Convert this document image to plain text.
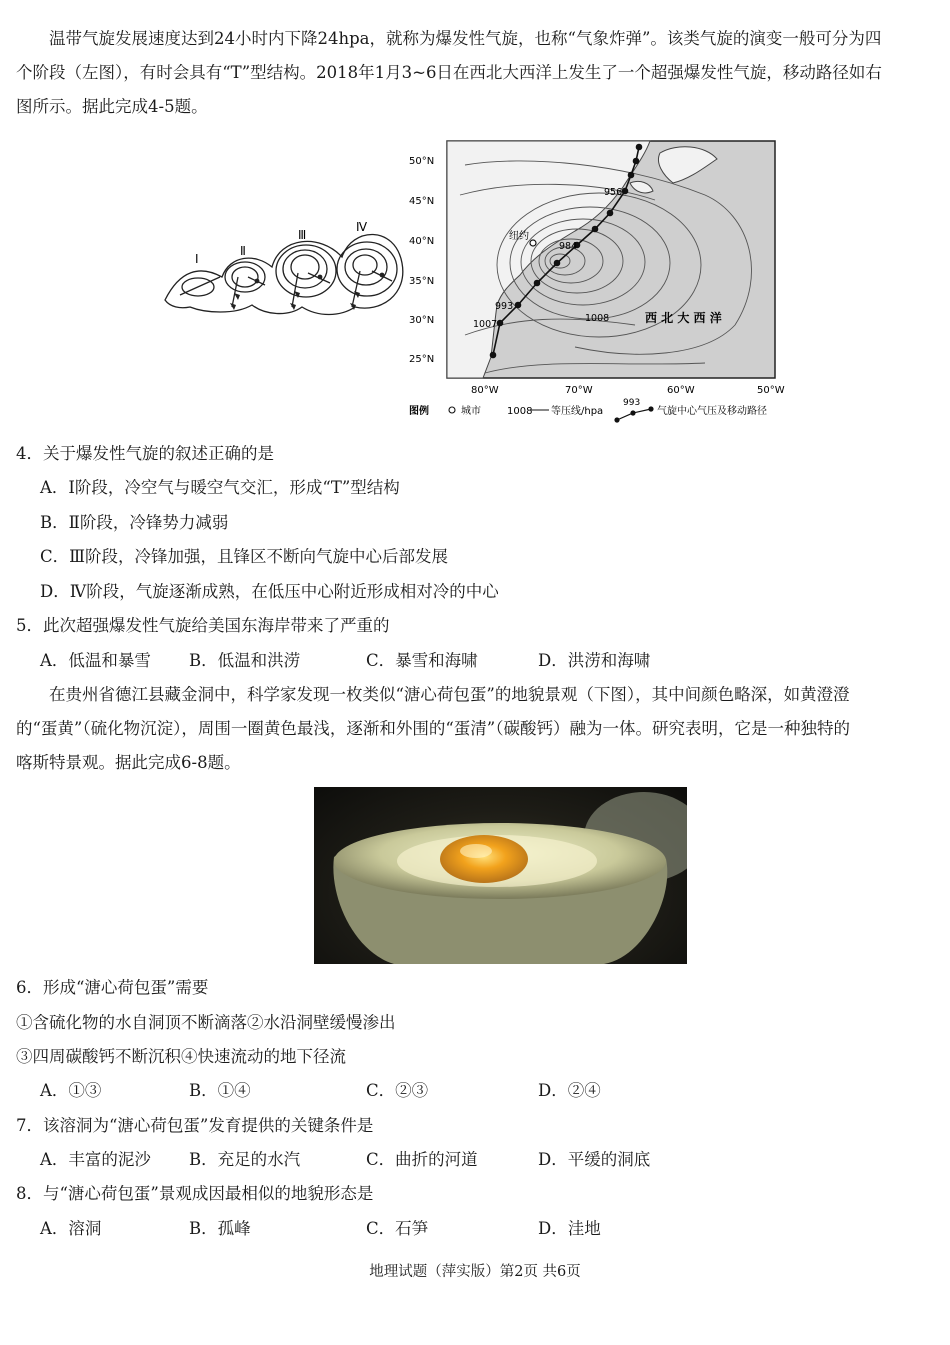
温带气旋发展速度达到24小时内下降24hpa，就称为爆发性气旋，也称“气象炸弹”。该类气旋的演变一般可分为四
个阶段（左图），有时会具有“T”型结构。2018年1月3~6日在西北大西洋上发生了一个超强爆发性气旋，移动路径如右
图所示。据此完成4-5题。
Ⅰ
Ⅱ
Ⅲ
Ⅳ
纽约
956
984
993
1007
1008	西 北 大 西 洋
50°N
45°N
40°N
35°N
30°N
25°N
80°W	70°W	60°W	50°W
图例	城市	1008 等压线/hpa
993
气旋中心气压及移动路径
4．关于爆发性气旋的叙述正确的是
A．Ⅰ阶段，冷空气与暖空气交汇，形成“T”型结构
B．Ⅱ阶段，冷锋势力减弱
C．Ⅲ阶段，冷锋加强，且锋区不断向气旋中心后部发展
D．Ⅳ阶段，气旋逐渐成熟，在低压中心附近形成相对冷的中心
5．此次超强爆发性气旋给美国东海岸带来了严重的
A．低温和暴雪 B．低温和洪涝	C．暴雪和海啸	D．洪涝和海啸
在贵州省德江县藏金洞中，科学家发现一枚类似“溏心荷包蛋”的地貌景观（下图），其中间颜色略深，如黄澄澄
的“蛋黄”（硫化物沉淀），周围一圈黄色最浅，逐渐和外围的“蛋清”（碳酸钙）融为一体。研究表明，它是一种独特的
喀斯特景观。据此完成6-8题。
6．形成“溏心荷包蛋”需要
①含硫化物的水自洞顶不断滴落②水沿洞壁缓慢渗出
③四周碳酸钙不断沉积④快速流动的地下径流
A．①③	B．①④	C．②③	D．②④
7．该溶洞为“溏心荷包蛋”发育提供的关键条件是
A．丰富的泥沙 B．充足的水汽	C．曲折的河道	D．平缓的洞底
8．与“溏心荷包蛋”景观成因最相似的地貌形态是
A．溶洞	B．孤峰	C．石笋	D．洼地
地理试题（萍实版）第2页 共6页
